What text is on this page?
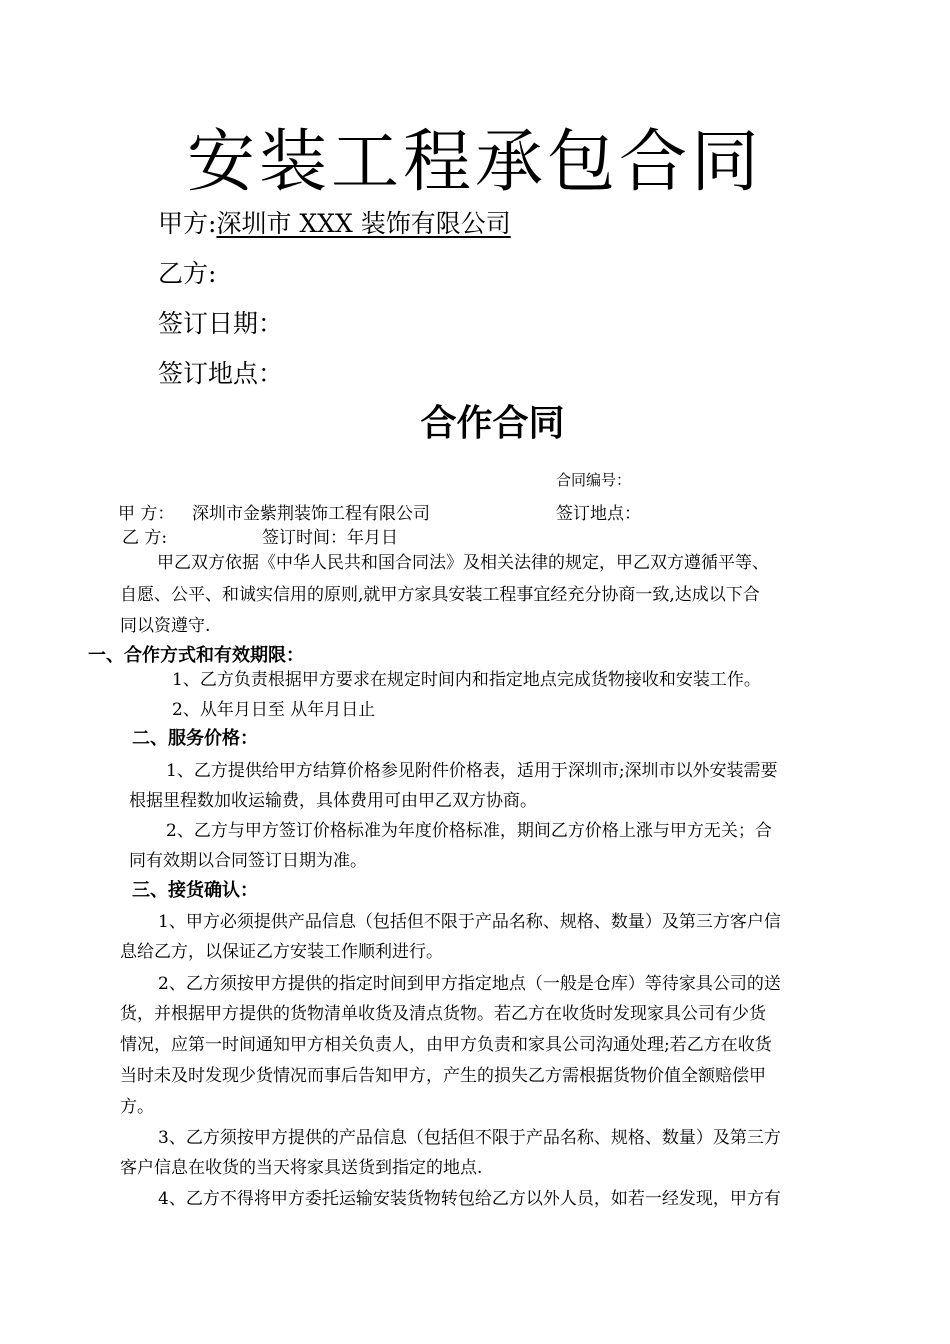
安装工程承包合同
甲方:深圳市 XXX 装饰有限公司
乙方:
签订日期：
签订地点：
合作合同
合同编号：
甲 方： 深圳市金紫荆装饰工程有限公司	签订地点：
乙 方:	签订时间：年月日
甲乙双方依据《中华人民共和国合同法》及相关法律的规定，甲乙双方遵循平等、
自愿、公平、和诚实信用的原则,就甲方家具安装工程事宜经充分协商一致,达成以下合
同以资遵守.
一、合作方式和有效期限：
1、乙方负责根据甲方要求在规定时间内和指定地点完成货物接收和安装工作。
2、从年月日至 从年月日止
二、服务价格：
1、乙方提供给甲方结算价格参见附件价格表，适用于深圳市;深圳市以外安装需要
根据里程数加收运输费，具体费用可由甲乙双方协商。
2、乙方与甲方签订价格标准为年度价格标准，期间乙方价格上涨与甲方无关；合
同有效期以合同签订日期为准。
三、接货确认：
1、甲方必须提供产品信息（包括但不限于产品名称、规格、数量）及第三方客户信
息给乙方，以保证乙方安装工作顺利进行。
2、乙方须按甲方提供的指定时间到甲方指定地点（一般是仓库）等待家具公司的送
货，并根据甲方提供的货物清单收货及清点货物。若乙方在收货时发现家具公司有少货
情况，应第一时间通知甲方相关负责人，由甲方负责和家具公司沟通处理;若乙方在收货
当时未及时发现少货情况而事后告知甲方，产生的损失乙方需根据货物价值全额赔偿甲
方。
3、乙方须按甲方提供的产品信息（包括但不限于产品名称、规格、数量）及第三方
客户信息在收货的当天将家具送货到指定的地点.
4、乙方不得将甲方委托运输安装货物转包给乙方以外人员，如若一经发现，甲方有
